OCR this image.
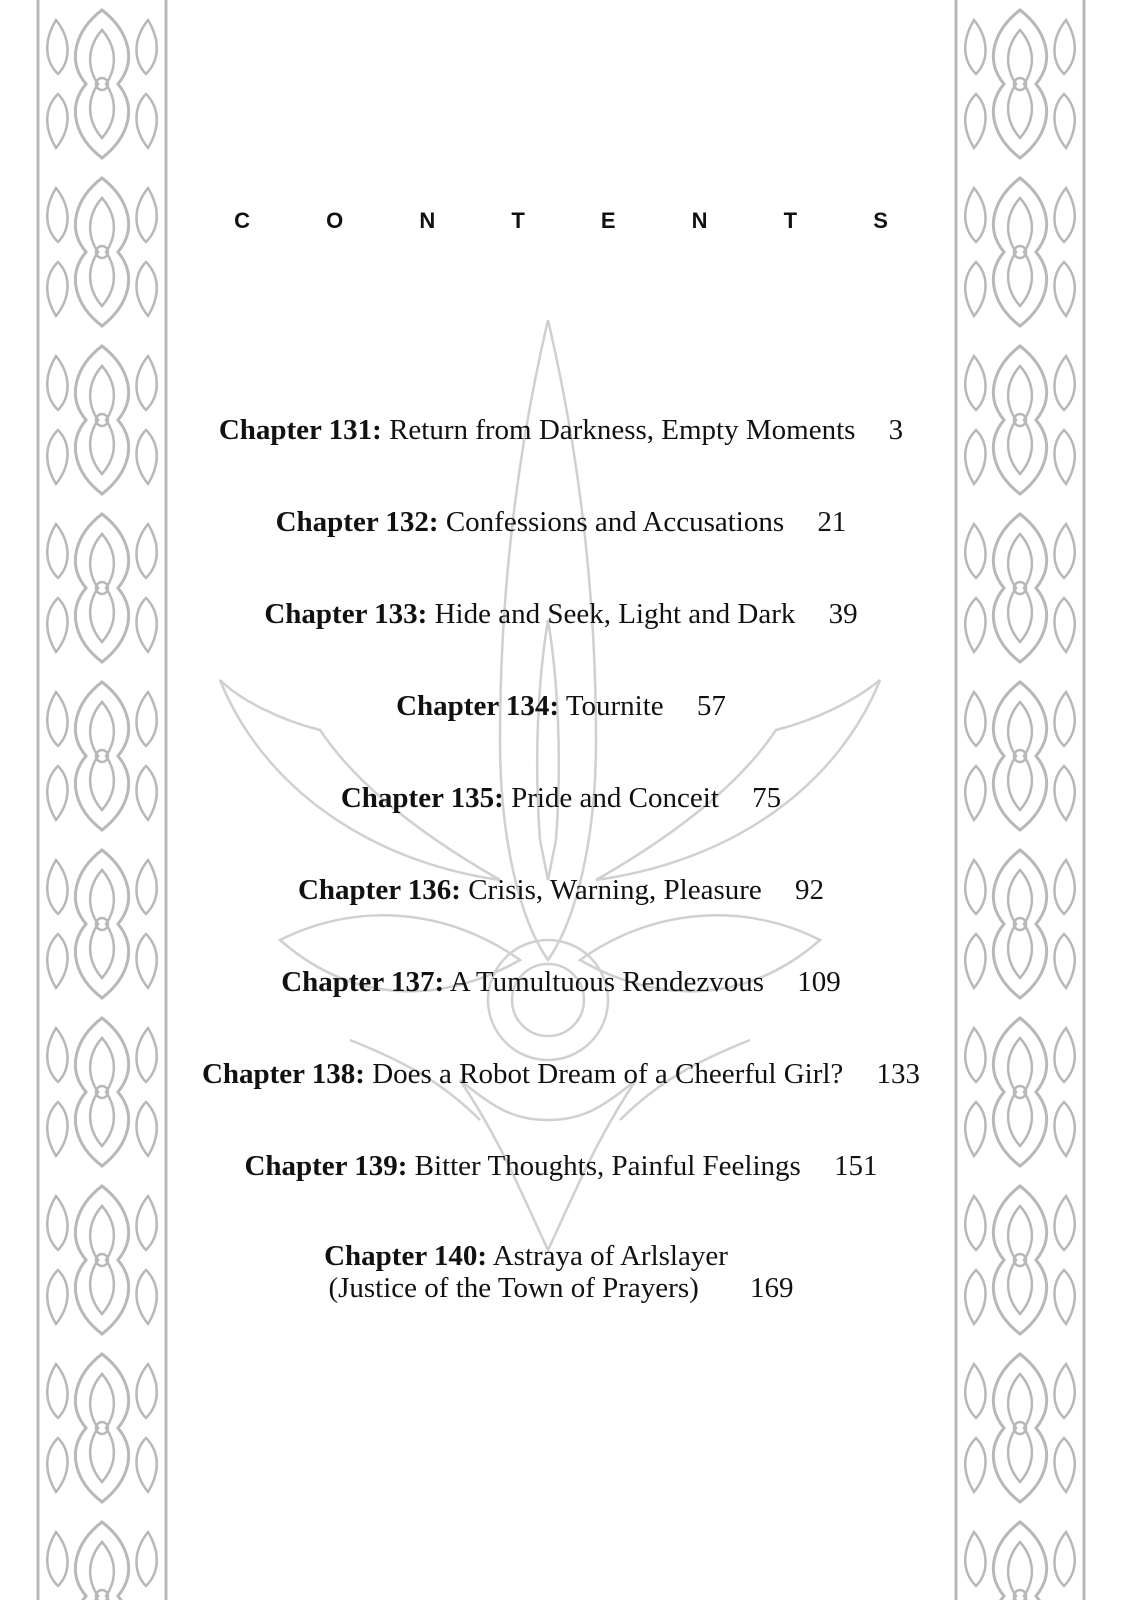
C O N T E N T S
Chapter 131: Return from Darkness, Empty Moments 3
Chapter 132: Confessions and Accusations 21
Chapter 133: Hide and Seek, Light and Dark 39
Chapter 134: Tournite 57
Chapter 135: Pride and Conceit 75
Chapter 136: Crisis, Warning, Pleasure 92
Chapter 137: A Tumultuous Rendezvous 109
Chapter 138: Does a Robot Dream of a Cheerful Girl? 133
Chapter 139: Bitter Thoughts, Painful Feelings 151
Chapter 140: Astraya of Arlslayer
(Justice of the Town of Prayers) 169
